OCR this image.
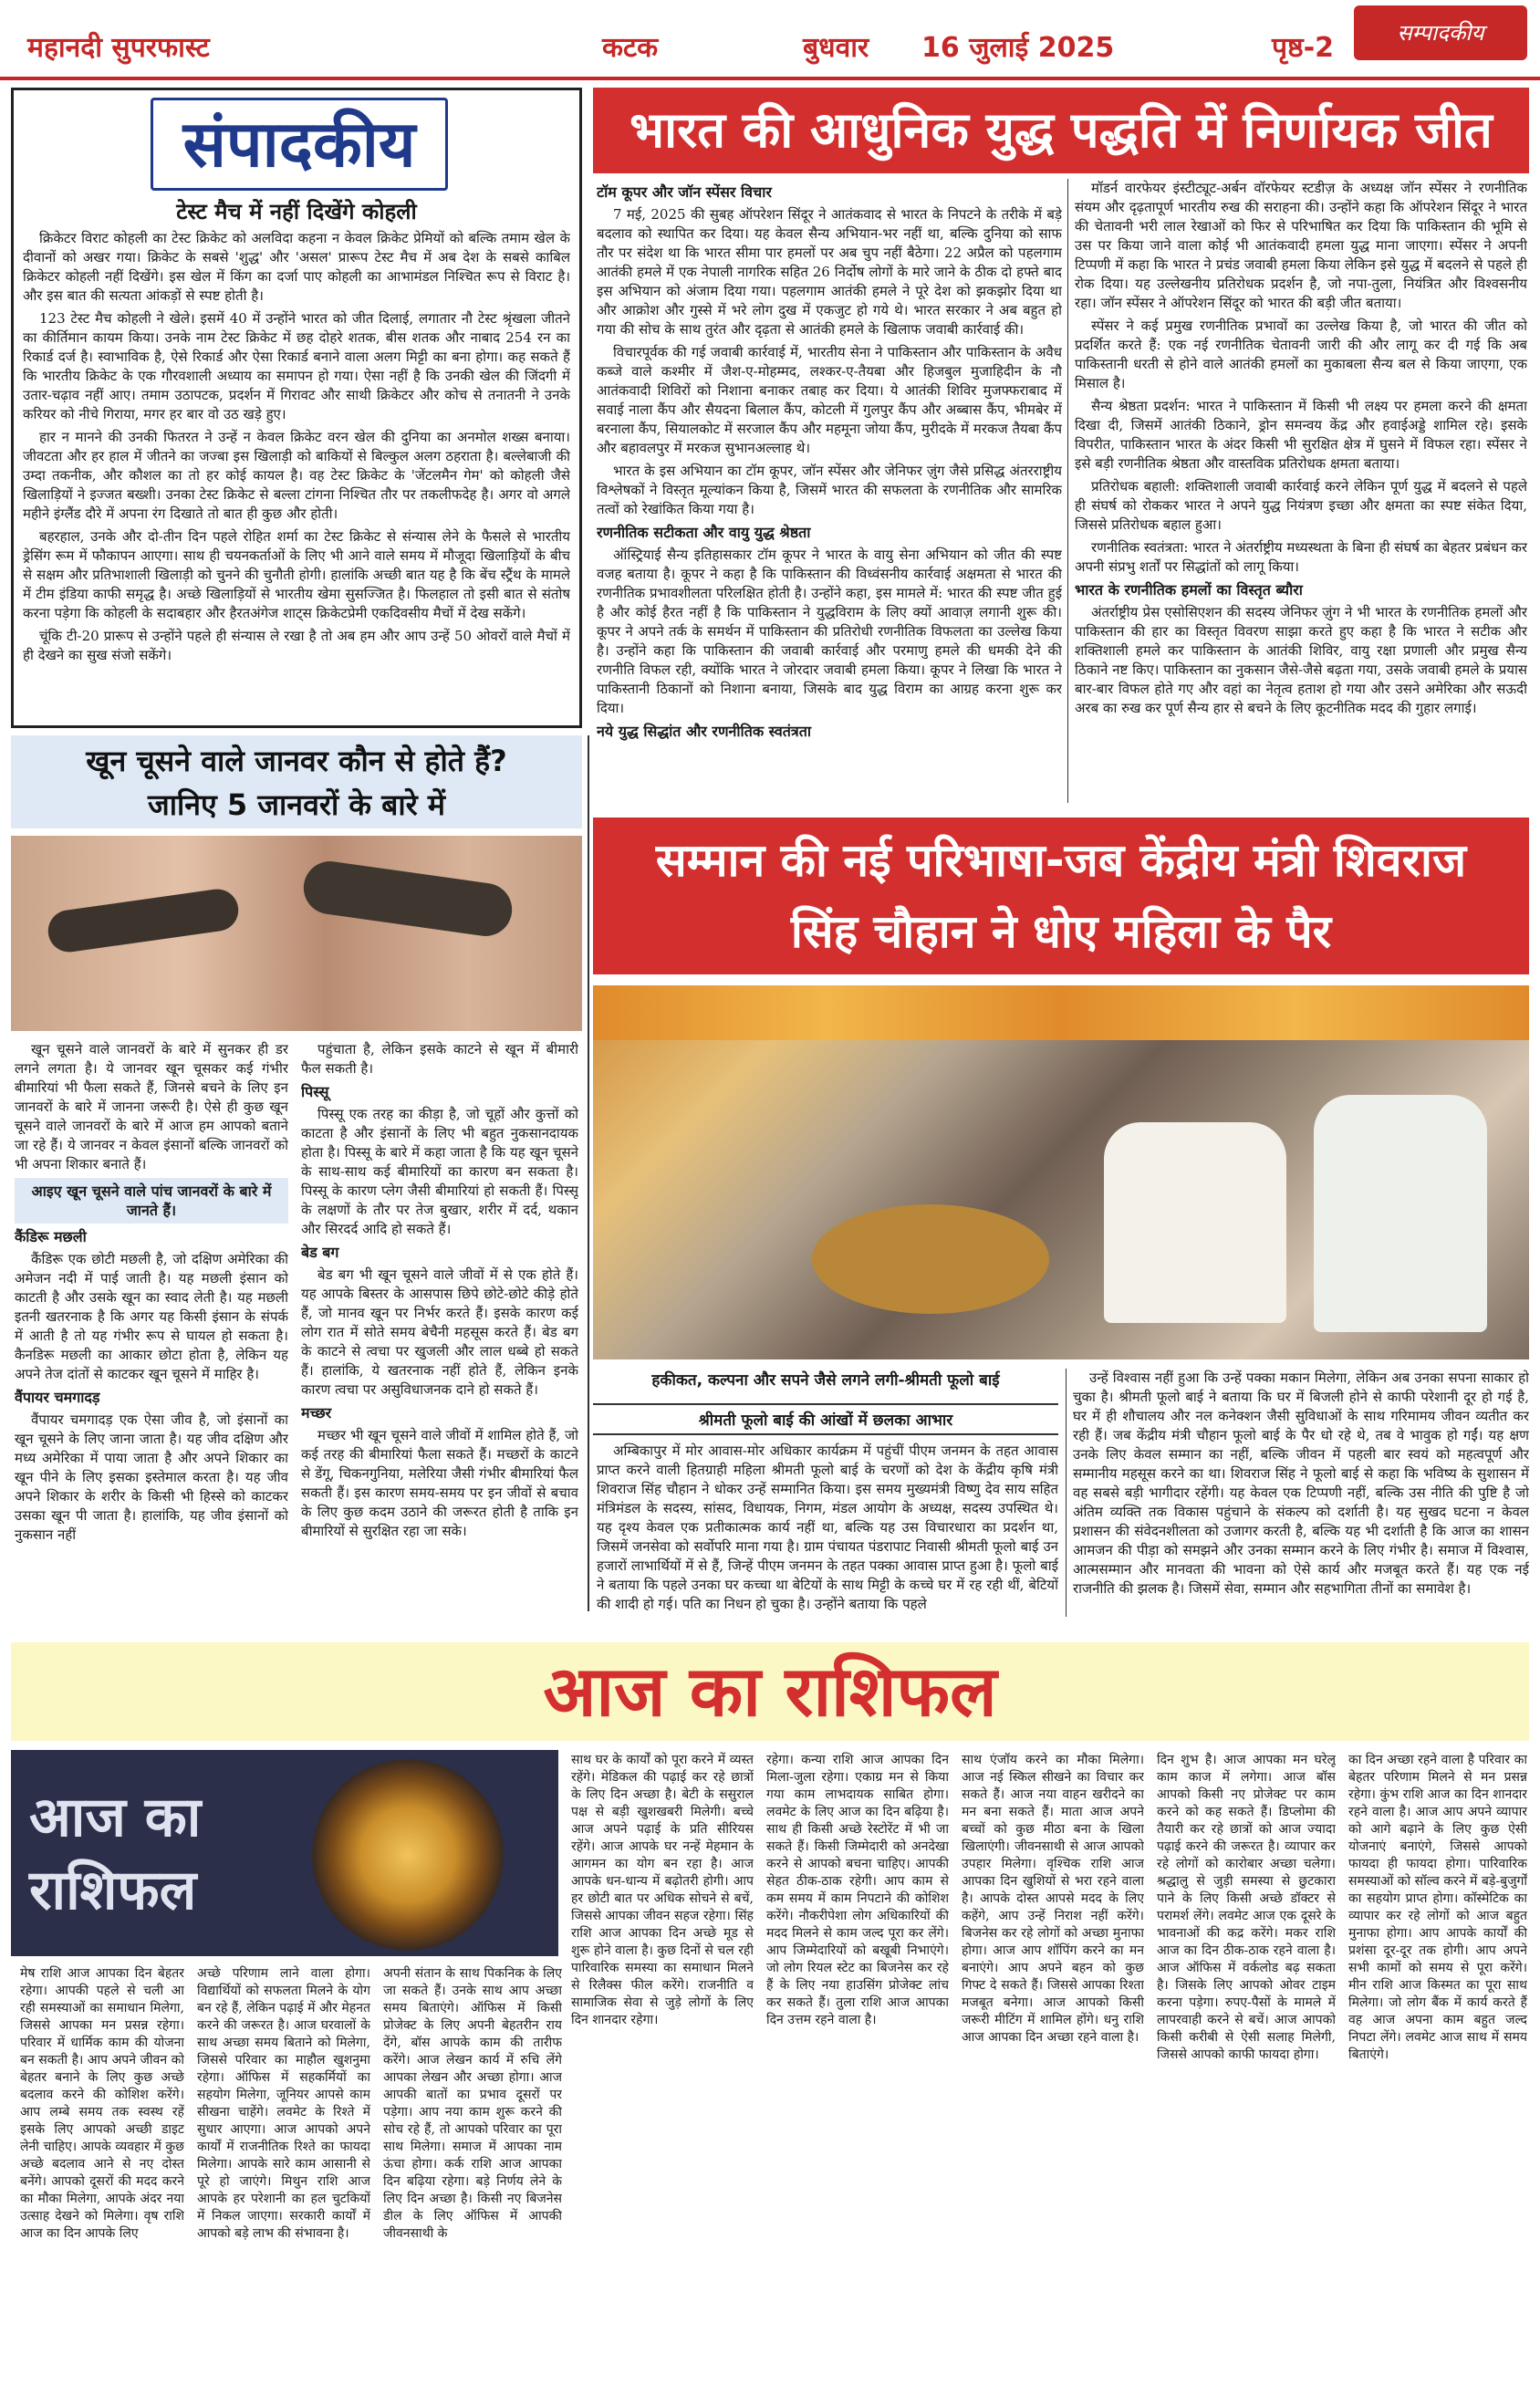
महानदी सुपरफास्ट	कटक	बुधवार 16 जुलाई 2025	पृष्ठ-2	सम्पादकीय
संपादकीय
टेस्ट मैच में नहीं दिखेंगे कोहली

क्रिकेटर विराट कोहली का टेस्ट क्रिकेट को अलविदा कहना न केवल क्रिकेट प्रेमियों को बल्कि तमाम खेल के दीवानों को अखर गया। क्रिकेट के सबसे 'शुद्ध' और 'असल' प्रारूप टेस्ट मैच में अब देश के सबसे काबिल क्रिकेटर कोहली नहीं दिखेंगे। इस खेल में किंग का दर्जा पाए कोहली का आभामंडल निश्चित रूप से विराट है। और इस बात की सत्यता आंकड़ों से स्पष्ट होती है।

123 टेस्ट मैच कोहली ने खेले। इसमें 40 में उन्होंने भारत को जीत दिलाई, लगातार नौ टेस्ट श्रृंखला जीतने का कीर्तिमान कायम किया। उनके नाम टेस्ट क्रिकेट में छह दोहरे शतक, बीस शतक और नाबाद 254 रन का रिकार्ड दर्ज है। स्वाभाविक है, ऐसे रिकार्ड और ऐसा रिकार्ड बनाने वाला अलग मिट्टी का बना होगा। कह सकते हैं कि भारतीय क्रिकेट के एक गौरवशाली अध्याय का समापन हो गया। ऐसा नहीं है कि उनकी खेल की जिंदगी में उतार-चढ़ाव नहीं आए। तमाम उठापटक, प्रदर्शन में गिरावट और साथी क्रिकेटर और कोच से तनातनी ने उनके करियर को नीचे गिराया, मगर हर बार वो उठ खड़े हुए।

हार न मानने की उनकी फितरत ने उन्हें न केवल क्रिकेट वरन खेल की दुनिया का अनमोल शख्स बनाया। जीवटता और हर हाल में जीतने का जज्बा इस खिलाड़ी को बाकियों से बिल्कुल अलग ठहराता है। बल्लेबाजी की उम्दा तकनीक, और कौशल का तो हर कोई कायल है। वह टेस्ट क्रिकेट के 'जेंटलमैन गेम' को कोहली जैसे खिलाड़ियों ने इज्जत बख्शी। उनका टेस्ट क्रिकेट से बल्ला टांगना निश्चित तौर पर तकलीफदेह है। अगर वो अगले महीने इंग्लैंड दौरे में अपना रंग दिखाते तो बात ही कुछ और होती।

बहरहाल, उनके और दो-तीन दिन पहले रोहित शर्मा का टेस्ट क्रिकेट से संन्यास लेने के फैसले से भारतीय ड्रेसिंग रूम में फौकापन आएगा। साथ ही चयनकर्ताओं के लिए भी आने वाले समय में मौजूदा खिलाड़ियों के बीच से सक्षम और प्रतिभाशाली खिलाड़ी को चुनने की चुनौती होगी। हालांकि अच्छी बात यह है कि बेंच स्ट्रैंथ के मामले में टीम इंडिया काफी समृद्ध है। अच्छे खिलाड़ियों से भारतीय खेमा सुसज्जित है। फिलहाल तो इसी बात से संतोष करना पड़ेगा कि कोहली के सदाबहार और हैरतअंगेज शाट्स क्रिकेटप्रेमी एकदिवसीय मैचों में देख सकेंगे।

चूंकि टी-20 प्रारूप से उन्होंने पहले ही संन्यास ले रखा है तो अब हम और आप उन्हें 50 ओवरों वाले मैचों में ही देखने का सुख संजो सकेंगे।

भारत की आधुनिक युद्ध पद्धति में निर्णायक जीत
टॉम कूपर और जॉन स्पेंसर विचार

7 मई, 2025 की सुबह ऑपरेशन सिंदूर ने आतंकवाद से भारत के निपटने के तरीके में बड़े बदलाव को स्थापित कर दिया। यह केवल सैन्य अभियान-भर नहीं था, बल्कि दुनिया को साफ तौर पर संदेश था कि भारत सीमा पार हमलों पर अब चुप नहीं बैठेगा। 22 अप्रैल को पहलगाम आतंकी हमले में एक नेपाली नागरिक सहित 26 निर्दोष लोगों के मारे जाने के ठीक दो हफ्ते बाद इस अभियान को अंजाम दिया गया। पहलगाम आतंकी हमले ने पूरे देश को झकझोर दिया था और आक्रोश और गुस्से में भरे लोग दुख में एकजुट हो गये थे। भारत सरकार ने अब बहुत हो गया की सोच के साथ तुरंत और दृढ़ता से आतंकी हमले के खिलाफ जवाबी कार्रवाई की।

विचारपूर्वक की गई जवाबी कार्रवाई में, भारतीय सेना ने पाकिस्तान और पाकिस्तान के अवैध कब्जे वाले कश्मीर में जैश-ए-मोहम्मद, लश्कर-ए-तैयबा और हिजबुल मुजाहिदीन के नौ आतंकवादी शिविरों को निशाना बनाकर तबाह कर दिया। ये आतंकी शिविर मुजफ्फराबाद में सवाई नाला कैंप और सैयदना बिलाल कैंप, कोटली में गुलपुर कैंप और अब्बास कैंप, भीमबेर में बरनाला कैंप, सियालकोट में सरजाल कैंप और महमूना जोया कैंप, मुरीदके में मरकज तैयबा कैंप और बहावलपुर में मरकज सुभानअल्लाह थे।

भारत के इस अभियान का टॉम कूपर, जॉन स्पेंसर और जेनिफर ज़ुंग जैसे प्रसिद्ध अंतरराष्ट्रीय विश्लेषकों ने विस्तृत मूल्यांकन किया है, जिसमें भारत की सफलता के रणनीतिक और सामरिक तत्वों को रेखांकित किया गया है।

रणनीतिक सटीकता और वायु युद्ध श्रेष्ठता

ऑस्ट्रियाई सैन्य इतिहासकार टॉम कूपर ने भारत के वायु सेना अभियान को जीत की स्पष्ट वजह बताया है। कूपर ने कहा है कि पाकिस्तान की विध्वंसनीय कार्रवाई अक्षमता से भारत की रणनीतिक प्रभावशीलता परिलक्षित होती है। उन्होंने कहा, इस मामले में: भारत की स्पष्ट जीत हुई है और कोई हैरत नहीं है कि पाकिस्तान ने युद्धविराम के लिए क्यों आवाज़ लगानी शुरू की। कूपर ने अपने तर्क के समर्थन में पाकिस्तान की प्रतिरोधी रणनीतिक विफलता का उल्लेख किया है। उन्होंने कहा कि पाकिस्तान की जवाबी कार्रवाई और परमाणु हमले की धमकी देने की रणनीति विफल रही, क्योंकि भारत ने जोरदार जवाबी हमला किया। कूपर ने लिखा कि भारत ने पाकिस्तानी ठिकानों को निशाना बनाया, जिसके बाद युद्ध विराम का आग्रह करना शुरू कर दिया।

नये युद्ध सिद्धांत और रणनीतिक स्वतंत्रता

मॉडर्न वारफेयर इंस्टीट्यूट-अर्बन वॉरफेयर स्टडीज़ के अध्यक्ष जॉन स्पेंसर ने रणनीतिक संयम और दृढ़तापूर्ण भारतीय रुख की सराहना की। उन्होंने कहा कि ऑपरेशन सिंदूर ने भारत की चेतावनी भरी लाल रेखाओं को फिर से परिभाषित कर दिया कि पाकिस्तान की भूमि से उस पर किया जाने वाला कोई भी आतंकवादी हमला युद्ध माना जाएगा। स्पेंसर ने अपनी टिप्पणी में कहा कि भारत ने प्रचंड जवाबी हमला किया लेकिन इसे युद्ध में बदलने से पहले ही रोक दिया। यह उल्लेखनीय प्रतिरोधक प्रदर्शन है, जो नपा-तुला, नियंत्रित और विश्वसनीय रहा। जॉन स्पेंसर ने ऑपरेशन सिंदूर को भारत की बड़ी जीत बताया।

स्पेंसर ने कई प्रमुख रणनीतिक प्रभावों का उल्लेख किया है, जो भारत की जीत को प्रदर्शित करते हैं: एक नई रणनीतिक चेतावनी जारी की और लागू कर दी गई कि अब पाकिस्तानी धरती से होने वाले आतंकी हमलों का मुकाबला सैन्य बल से किया जाएगा, एक मिसाल है।

सैन्य श्रेष्ठता प्रदर्शन: भारत ने पाकिस्तान में किसी भी लक्ष्य पर हमला करने की क्षमता दिखा दी, जिसमें आतंकी ठिकाने, ड्रोन समन्वय केंद्र और हवाईअड्डे शामिल रहे। इसके विपरीत, पाकिस्तान भारत के अंदर किसी भी सुरक्षित क्षेत्र में घुसने में विफल रहा। स्पेंसर ने इसे बड़ी रणनीतिक श्रेष्ठता और वास्तविक प्रतिरोधक क्षमता बताया।

प्रतिरोधक बहाली: शक्तिशाली जवाबी कार्रवाई करने लेकिन पूर्ण युद्ध में बदलने से पहले ही संघर्ष को रोककर भारत ने अपने युद्ध नियंत्रण इच्छा और क्षमता का स्पष्ट संकेत दिया, जिससे प्रतिरोधक बहाल हुआ।

रणनीतिक स्वतंत्रता: भारत ने अंतर्राष्ट्रीय मध्यस्थता के बिना ही संघर्ष का बेहतर प्रबंधन कर अपनी संप्रभु शर्तों पर सिद्धांतों को लागू किया।

भारत के रणनीतिक हमलों का विस्तृत ब्यौरा

अंतर्राष्ट्रीय प्रेस एसोसिएशन की सदस्य जेनिफर ज़ुंग ने भी भारत के रणनीतिक हमलों और पाकिस्तान की हार का विस्तृत विवरण साझा करते हुए कहा है कि भारत ने सटीक और शक्तिशाली हमले कर पाकिस्तान के आतंकी शिविर, वायु रक्षा प्रणाली और प्रमुख सैन्य ठिकाने नष्ट किए। पाकिस्तान का नुकसान जैसे-जैसे बढ़ता गया, उसके जवाबी हमले के प्रयास बार-बार विफल होते गए और वहां का नेतृत्व हताश हो गया और उसने अमेरिका और सऊदी अरब का रुख कर पूर्ण सैन्य हार से बचने के लिए कूटनीतिक मदद की गुहार लगाई।

खून चूसने वाले जानवर कौन से होते हैं?
जानिए 5 जानवरों के बारे में

खून चूसने वाले जानवरों के बारे में सुनकर ही डर लगने लगता है। ये जानवर खून चूसकर कई गंभीर बीमारियां भी फैला सकते हैं, जिनसे बचने के लिए इन जानवरों के बारे में जानना जरूरी है। ऐसे ही कुछ खून चूसने वाले जानवरों के बारे में आज हम आपको बताने जा रहे हैं। ये जानवर न केवल इंसानों बल्कि जानवरों को भी अपना शिकार बनाते हैं।

आइए खून चूसने वाले पांच जानवरों के बारे में जानते हैं।
कैंडिरू मछली

कैंडिरू एक छोटी मछली है, जो दक्षिण अमेरिका की अमेजन नदी में पाई जाती है। यह मछली इंसान को काटती है और उसके खून का स्वाद लेती है। यह मछली इतनी खतरनाक है कि अगर यह किसी इंसान के संपर्क में आती है तो यह गंभीर रूप से घायल हो सकता है। कैनडिरू मछली का आकार छोटा होता है, लेकिन यह अपने तेज दांतों से काटकर खून चूसने में माहिर है।

वैंपायर चमगादड़

वैंपायर चमगादड़ एक ऐसा जीव है, जो इंसानों का खून चूसने के लिए जाना जाता है। यह जीव दक्षिण और मध्य अमेरिका में पाया जाता है और अपने शिकार का खून पीने के लिए इसका इस्तेमाल करता है। यह जीव अपने शिकार के शरीर के किसी भी हिस्से को काटकर उसका खून पी जाता है। हालांकि, यह जीव इंसानों को नुकसान नहीं

पहुंचाता है, लेकिन इसके काटने से खून में बीमारी फैल सकती है।

पिस्सू

पिस्सू एक तरह का कीड़ा है, जो चूहों और कुत्तों को काटता है और इंसानों के लिए भी बहुत नुकसानदायक होता है। पिस्सू के बारे में कहा जाता है कि यह खून चूसने के साथ-साथ कई बीमारियों का कारण बन सकता है। पिस्सू के कारण प्लेग जैसी बीमारियां हो सकती हैं। पिस्सू के लक्षणों के तौर पर तेज बुखार, शरीर में दर्द, थकान और सिरदर्द आदि हो सकते हैं।

बेड बग

बेड बग भी खून चूसने वाले जीवों में से एक होते हैं। यह आपके बिस्तर के आसपास छिपे छोटे-छोटे कीड़े होते हैं, जो मानव खून पर निर्भर करते हैं। इसके कारण कई लोग रात में सोते समय बेचैनी महसूस करते हैं। बेड बग के काटने से त्वचा पर खुजली और लाल धब्बे हो सकते हैं। हालांकि, ये खतरनाक नहीं होते हैं, लेकिन इनके कारण त्वचा पर असुविधाजनक दाने हो सकते हैं।

मच्छर

मच्छर भी खून चूसने वाले जीवों में शामिल होते हैं, जो कई तरह की बीमारियां फैला सकते हैं। मच्छरों के काटने से डेंगू, चिकनगुनिया, मलेरिया जैसी गंभीर बीमारियां फैल सकती हैं। इस कारण समय-समय पर इन जीवों से बचाव के लिए कुछ कदम उठाने की जरूरत होती है ताकि इन बीमारियों से सुरक्षित रहा जा सके।

सम्मान की नई परिभाषा-जब केंद्रीय मंत्री शिवराज
सिंह चौहान ने धोए महिला के पैर
हकीकत, कल्पना और सपने जैसे लगने लगी-श्रीमती फूलो बाई
श्रीमती फूलो बाई की आंखों में छलका आभार

अम्बिकापुर में मोर आवास-मोर अधिकार कार्यक्रम में पहुंचीं पीएम जनमन के तहत आवास प्राप्त करने वाली हितग्राही महिला श्रीमती फूलो बाई के चरणों को देश के केंद्रीय कृषि मंत्री शिवराज सिंह चौहान ने धोकर उन्हें सम्मानित किया। इस समय मुख्यमंत्री विष्णु देव साय सहित मंत्रिमंडल के सदस्य, सांसद, विधायक, निगम, मंडल आयोग के अध्यक्ष, सदस्य उपस्थित थे। यह दृश्य केवल एक प्रतीकात्मक कार्य नहीं था, बल्कि यह उस विचारधारा का प्रदर्शन था, जिसमें जनसेवा को सर्वोपरि माना गया है। ग्राम पंचायत पंडरापाट निवासी श्रीमती फूलो बाई उन हजारों लाभार्थियों में से हैं, जिन्हें पीएम जनमन के तहत पक्का आवास प्राप्त हुआ है। फूलो बाई ने बताया कि पहले उनका घर कच्चा था बेटियों के साथ मिट्टी के कच्चे घर में रह रही थीं, बेटियों की शादी हो गई। पति का निधन हो चुका है। उन्होंने बताया कि पहले

उन्हें विश्वास नहीं हुआ कि उन्हें पक्का मकान मिलेगा, लेकिन अब उनका सपना साकार हो चुका है। श्रीमती फूलो बाई ने बताया कि घर में बिजली होने से काफी परेशानी दूर हो गई है, घर में ही शौचालय और नल कनेक्शन जैसी सुविधाओं के साथ गरिमामय जीवन व्यतीत कर रही हैं। जब केंद्रीय मंत्री चौहान फूलो बाई के पैर धो रहे थे, तब वे भावुक हो गईं। यह क्षण उनके लिए केवल सम्मान का नहीं, बल्कि जीवन में पहली बार स्वयं को महत्वपूर्ण और सम्मानीय महसूस करने का था। शिवराज सिंह ने फूलो बाई से कहा कि भविष्य के सुशासन में वह सबसे बड़ी भागीदार रहेंगी। यह केवल एक टिप्पणी नहीं, बल्कि उस नीति की पुष्टि है जो अंतिम व्यक्ति तक विकास पहुंचाने के संकल्प को दर्शाती है। यह सुखद घटना न केवल प्रशासन की संवेदनशीलता को उजागर करती है, बल्कि यह भी दर्शाती है कि आज का शासन आमजन की पीड़ा को समझने और उनका सम्मान करने के लिए गंभीर है। समाज में विश्वास, आत्मसम्मान और मानवता की भावना को ऐसे कार्य और मजबूत करते हैं। यह एक नई राजनीति की झलक है। जिसमें सेवा, सम्मान और सहभागिता तीनों का समावेश है।

आज का राशिफल
आज का
राशिफल
मेष राशि आज आपका दिन बेहतर रहेगा। आपकी पहले से चली आ रही समस्याओं का समाधान मिलेगा, जिससे आपका मन प्रसन्न रहेगा। परिवार में धार्मिक काम की योजना बन सकती है। आप अपने जीवन को बेहतर बनाने के लिए कुछ अच्छे बदलाव करने की कोशिश करेंगे। आप लम्बे समय तक स्वस्थ रहें इसके लिए आपको अच्छी डाइट लेनी चाहिए। आपके व्यवहार में कुछ अच्छे बदलाव आने से नए दोस्त बनेंगे। आपको दूसरों की मदद करने का मौका मिलेगा, आपके अंदर नया उत्साह देखने को मिलेगा। वृष राशि आज का दिन आपके लिए
अच्छे परिणाम लाने वाला होगा। विद्यार्थियों को सफलता मिलने के योग बन रहे हैं, लेकिन पढ़ाई में और मेहनत करने की जरूरत है। आज घरवालों के साथ अच्छा समय बिताने को मिलेगा, जिससे परिवार का माहौल खुशनुमा रहेगा। ऑफिस में सहकर्मियों का सहयोग मिलेगा, जूनियर आपसे काम सीखना चाहेंगे। लवमेट के रिश्ते में सुधार आएगा। आज आपको अपने कार्यों में राजनीतिक रिश्ते का फायदा मिलेगा। आपके सारे काम आसानी से पूरे हो जाएंगे। मिथुन राशि आज आपके हर परेशानी का हल चुटकियों में निकल जाएगा। सरकारी कार्यों में आपको बड़े लाभ की संभावना है।
अपनी संतान के साथ पिकनिक के लिए जा सकते हैं। उनके साथ आप अच्छा समय बिताएंगे। ऑफिस में किसी प्रोजेक्ट के लिए अपनी बेहतरीन राय देंगे, बॉस आपके काम की तारीफ करेंगे। आज लेखन कार्य में रुचि लेंगे आपका लेखन और अच्छा होगा। आज आपकी बातों का प्रभाव दूसरों पर पड़ेगा। आप नया काम शुरू करने की सोच रहे हैं, तो आपको परिवार का पूरा साथ मिलेगा। समाज में आपका नाम ऊंचा होगा। कर्क राशि आज आपका दिन बढ़िया रहेगा। बड़े निर्णय लेने के लिए दिन अच्छा है। किसी नए बिजनेस डील के लिए ऑफिस में आपकी जीवनसाथी के
साथ घर के कार्यों को पूरा करने में व्यस्त रहेंगे। मेडिकल की पढ़ाई कर रहे छात्रों के लिए दिन अच्छा है। बेटी के ससुराल पक्ष से बड़ी खुशखबरी मिलेगी। बच्चे आज अपने पढ़ाई के प्रति सीरियस रहेंगे। आज आपके घर नन्हें मेहमान के आगमन का योग बन रहा है। आज आपके धन-धान्य में बढ़ोतरी होगी। आप हर छोटी बात पर अधिक सोचने से बचें, जिससे आपका जीवन सहज रहेगा। सिंह राशि आज आपका दिन अच्छे मूड से शुरू होने वाला है। कुछ दिनों से चल रही पारिवारिक समस्या का समाधान मिलने से रिलैक्स फील करेंगे। राजनीति व सामाजिक सेवा से जुड़े लोगों के लिए दिन शानदार रहेगा।
रहेगा। कन्या राशि आज आपका दिन मिला-जुला रहेगा। एकाग्र मन से किया गया काम लाभदायक साबित होगा। लवमेट के लिए आज का दिन बढ़िया है। साथ ही किसी अच्छे रेस्टोरेंट में भी जा सकते हैं। किसी जिम्मेदारी को अनदेखा करने से आपको बचना चाहिए। आपकी सेहत ठीक-ठाक रहेगी। आप काम से कम समय में काम निपटाने की कोशिश करेंगे। नौकरीपेशा लोग अधिकारियों की मदद मिलने से काम जल्द पूरा कर लेंगे। आप जिम्मेदारियों को बखूबी निभाएंगे। जो लोग रियल स्टेट का बिजनेस कर रहे हैं के लिए नया हाउसिंग प्रोजेक्ट लांच कर सकते हैं। तुला राशि आज आपका दिन उत्तम रहने वाला है।
साथ एंजॉय करने का मौका मिलेगा। आज नई स्किल सीखने का विचार कर सकते हैं। आज नया वाहन खरीदने का मन बना सकते हैं। माता आज अपने बच्चों को कुछ मीठा बना के खिला खिलाएंगी। जीवनसाथी से आज आपको उपहार मिलेगा। वृश्चिक राशि आज आपका दिन खुशियों से भरा रहने वाला है। आपके दोस्त आपसे मदद के लिए कहेंगे, आप उन्हें निराश नहीं करेंगे। बिजनेस कर रहे लोगों को अच्छा मुनाफा होगा। आज आप शॉपिंग करने का मन बनाएंगे। आप अपने बहन को कुछ गिफ्ट दे सकते हैं। जिससे आपका रिश्ता मजबूत बनेगा। आज आपको किसी जरूरी मीटिंग में शामिल होंगे। धनु राशि आज आपका दिन अच्छा रहने वाला है।
दिन शुभ है। आज आपका मन घरेलू काम काज में लगेगा। आज बॉस आपको किसी नए प्रोजेक्ट पर काम करने को कह सकते हैं। डिप्लोमा की तैयारी कर रहे छात्रों को आज ज्यादा पढ़ाई करने की जरूरत है। व्यापार कर रहे लोगों को कारोबार अच्छा चलेगा। श्रद्धालु से जुड़ी समस्या से छुटकारा पाने के लिए किसी अच्छे डॉक्टर से परामर्श लेंगे। लवमेट आज एक दूसरे के भावनाओं की कद्र करेंगे। मकर राशि आज का दिन ठीक-ठाक रहने वाला है। आज ऑफिस में वर्कलोड बढ़ सकता है। जिसके लिए आपको ओवर टाइम करना पड़ेगा। रुपए-पैसों के मामले में लापरवाही करने से बचें। आज आपको किसी करीबी से ऐसी सलाह मिलेगी, जिससे आपको काफी फायदा होगा।
का दिन अच्छा रहने वाला है परिवार का बेहतर परिणाम मिलने से मन प्रसन्न रहेगा। कुंभ राशि आज का दिन शानदार रहने वाला है। आज आप अपने व्यापार को आगे बढ़ाने के लिए कुछ ऐसी योजनाएं बनाएंगे, जिससे आपको फायदा ही फायदा होगा। पारिवारिक समस्याओं को सॉल्व करने में बड़े-बुजुर्गों का सहयोग प्राप्त होगा। कॉस्मेटिक का व्यापार कर रहे लोगों को आज बहुत मुनाफा होगा। आप आपके कार्यों की प्रशंसा दूर-दूर तक होगी। आप अपने सभी कामों को समय से पूरा करेंगे। मीन राशि आज किस्मत का पूरा साथ मिलेगा। जो लोग बैंक में कार्य करते हैं वह आज अपना काम बहुत जल्द निपटा लेंगे। लवमेट आज साथ में समय बिताएंगे।
